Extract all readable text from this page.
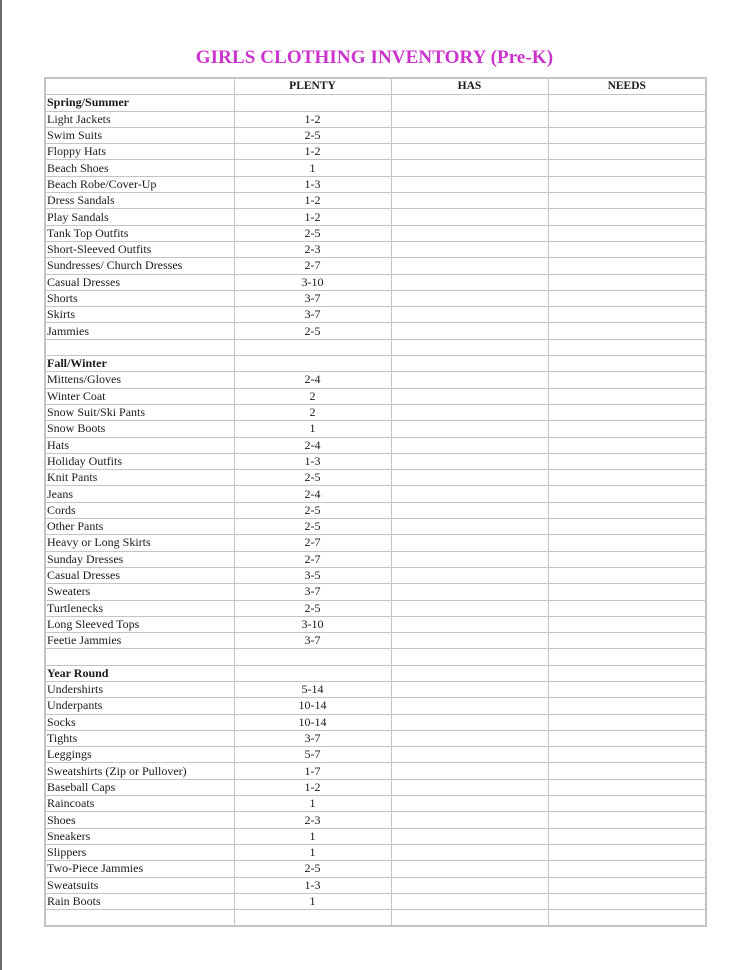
GIRLS CLOTHING INVENTORY (Pre-K)
	PLENTY	HAS	NEEDS
Spring/Summer			
Light Jackets	1-2		
Swim Suits	2-5		
Floppy Hats	1-2		
Beach Shoes	1		
Beach Robe/Cover-Up	1-3		
Dress Sandals	1-2		
Play Sandals	1-2		
Tank Top Outfits	2-5		
Short-Sleeved Outfits	2-3		
Sundresses/ Church Dresses	2-7		
Casual Dresses	3-10		
Shorts	3-7		
Skirts	3-7		
Jammies	2-5		

Fall/Winter			
Mittens/Gloves	2-4		
Winter Coat	2		
Snow Suit/Ski Pants	2		
Snow Boots	1		
Hats	2-4		
Holiday Outfits	1-3		
Knit Pants	2-5		
Jeans	2-4		
Cords	2-5		
Other Pants	2-5		
Heavy or Long Skirts	2-7		
Sunday Dresses	2-7		
Casual Dresses	3-5		
Sweaters	3-7		
Turtlenecks	2-5		
Long Sleeved Tops	3-10		
Feetie Jammies	3-7		

Year Round			
Undershirts	5-14		
Underpants	10-14		
Socks	10-14		
Tights	3-7		
Leggings	5-7		
Sweatshirts (Zip or Pullover)	1-7		
Baseball Caps	1-2		
Raincoats	1		
Shoes	2-3		
Sneakers	1		
Slippers	1		
Two-Piece Jammies	2-5		
Sweatsuits	1-3		
Rain Boots	1		
